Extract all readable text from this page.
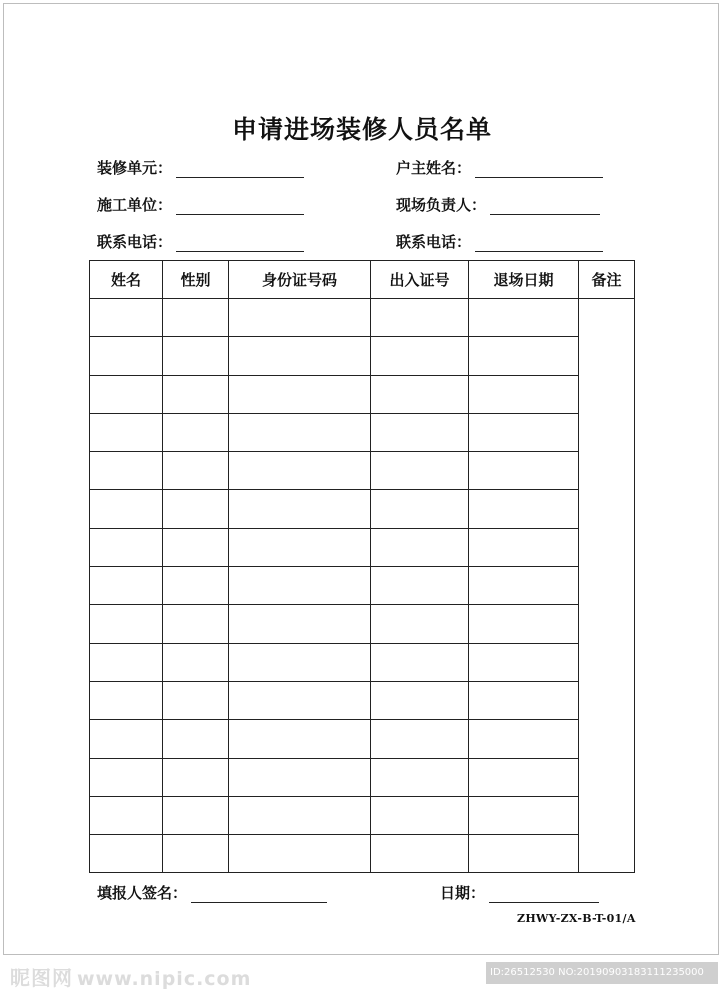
申请进场装修人员名单
装修单元：	户主姓名：
施工单位：	现场负责人：
联系电话：	联系电话：
姓名	性别	身份证号码	出入证号	退场日期	备注

填报人签名：	日期：
ZHWY-ZX-B-T-01/A
昵图网 www.nipic.com	ID:26512530 NO:20190903183111235000
